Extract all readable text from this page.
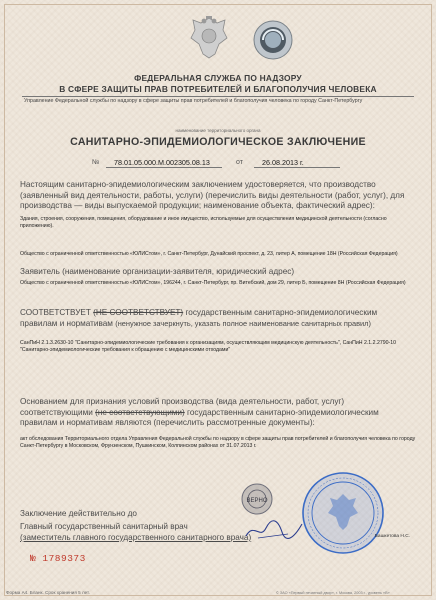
ФЕДЕРАЛЬНАЯ СЛУЖБА ПО НАДЗОРУ
В СФЕРЕ ЗАЩИТЫ ПРАВ ПОТРЕБИТЕЛЕЙ И БЛАГОПОЛУЧИЯ ЧЕЛОВЕКА
Управление Федеральной службы по надзору в сфере защиты прав потребителей и благополучия человека по городу Санкт-Петербургу
наименование территориального органа
САНИТАРНО-ЭПИДЕМИОЛОГИЧЕСКОЕ ЗАКЛЮЧЕНИЕ
№ 78.01.05.000.М.002305.08.13	от	26.08.2013 г.
Настоящим санитарно-эпидемиологическим заключением удостоверяется, что производство (заявленный вид деятельности, работы, услуги) (перечислить виды деятельности (работ, услуг), для производства — виды выпускаемой продукции; наименование объекта, фактический адрес):
Здания, строения, сооружения, помещения, оборудование и иное имущество, используемые для осуществления медицинской деятельности (согласно приложению).
Общество с ограниченной ответственностью «ЮЛИСтом», г. Санкт-Петербург, Дунайский проспект, д. 23, литер А, помещение 18Н (Российская Федерация)
Заявитель (наименование организации-заявителя, юридический адрес)
Общество с ограниченной ответственностью «ЮЛИСтом», 196244, г. Санкт-Петербург, пр. Витебский, дом 29, литер Б, помещение 8Н (Российская Федерация)
СООТВЕТСТВУЕТ (НЕ СООТВЕТСТВУЕТ) государственным санитарно-эпидемиологическим правилам и нормативам (ненужное зачеркнуть, указать полное наименование санитарных правил)
СанПиН 2.1.3.2630-10 "Санитарно-эпидемиологические требования к организациям, осуществляющим медицинскую деятельность", СанПиН 2.1.2.2790-10 "Санитарно-эпидемиологические требования к обращению с медицинскими отходами"
Основанием для признания условий производства (вида деятельности, работ, услуг) соответствующими (не соответствующими) государственным санитарно-эпидемиологическим правилам и нормативам являются (перечислить рассмотренные документы):
акт обследования Территориального отдела Управления Федеральной службы по надзору в сфере защиты прав потребителей и благополучия человека по городу Санкт-Петербургу в Московском, Фрунзенском, Пушкинском, Колпинском районах от 31.07.2013 г.
Заключение действительно до
Главный государственный санитарный врач
(заместитель главного государственного санитарного врача)
ВЕРНО
Башкетова Н.С.
№ 1789373
Форма А4. Бланк. Срок хранения 5 лет.	© ЗАО «Первый печатный двор», г. Москва, 2003 г., уровень «В»
